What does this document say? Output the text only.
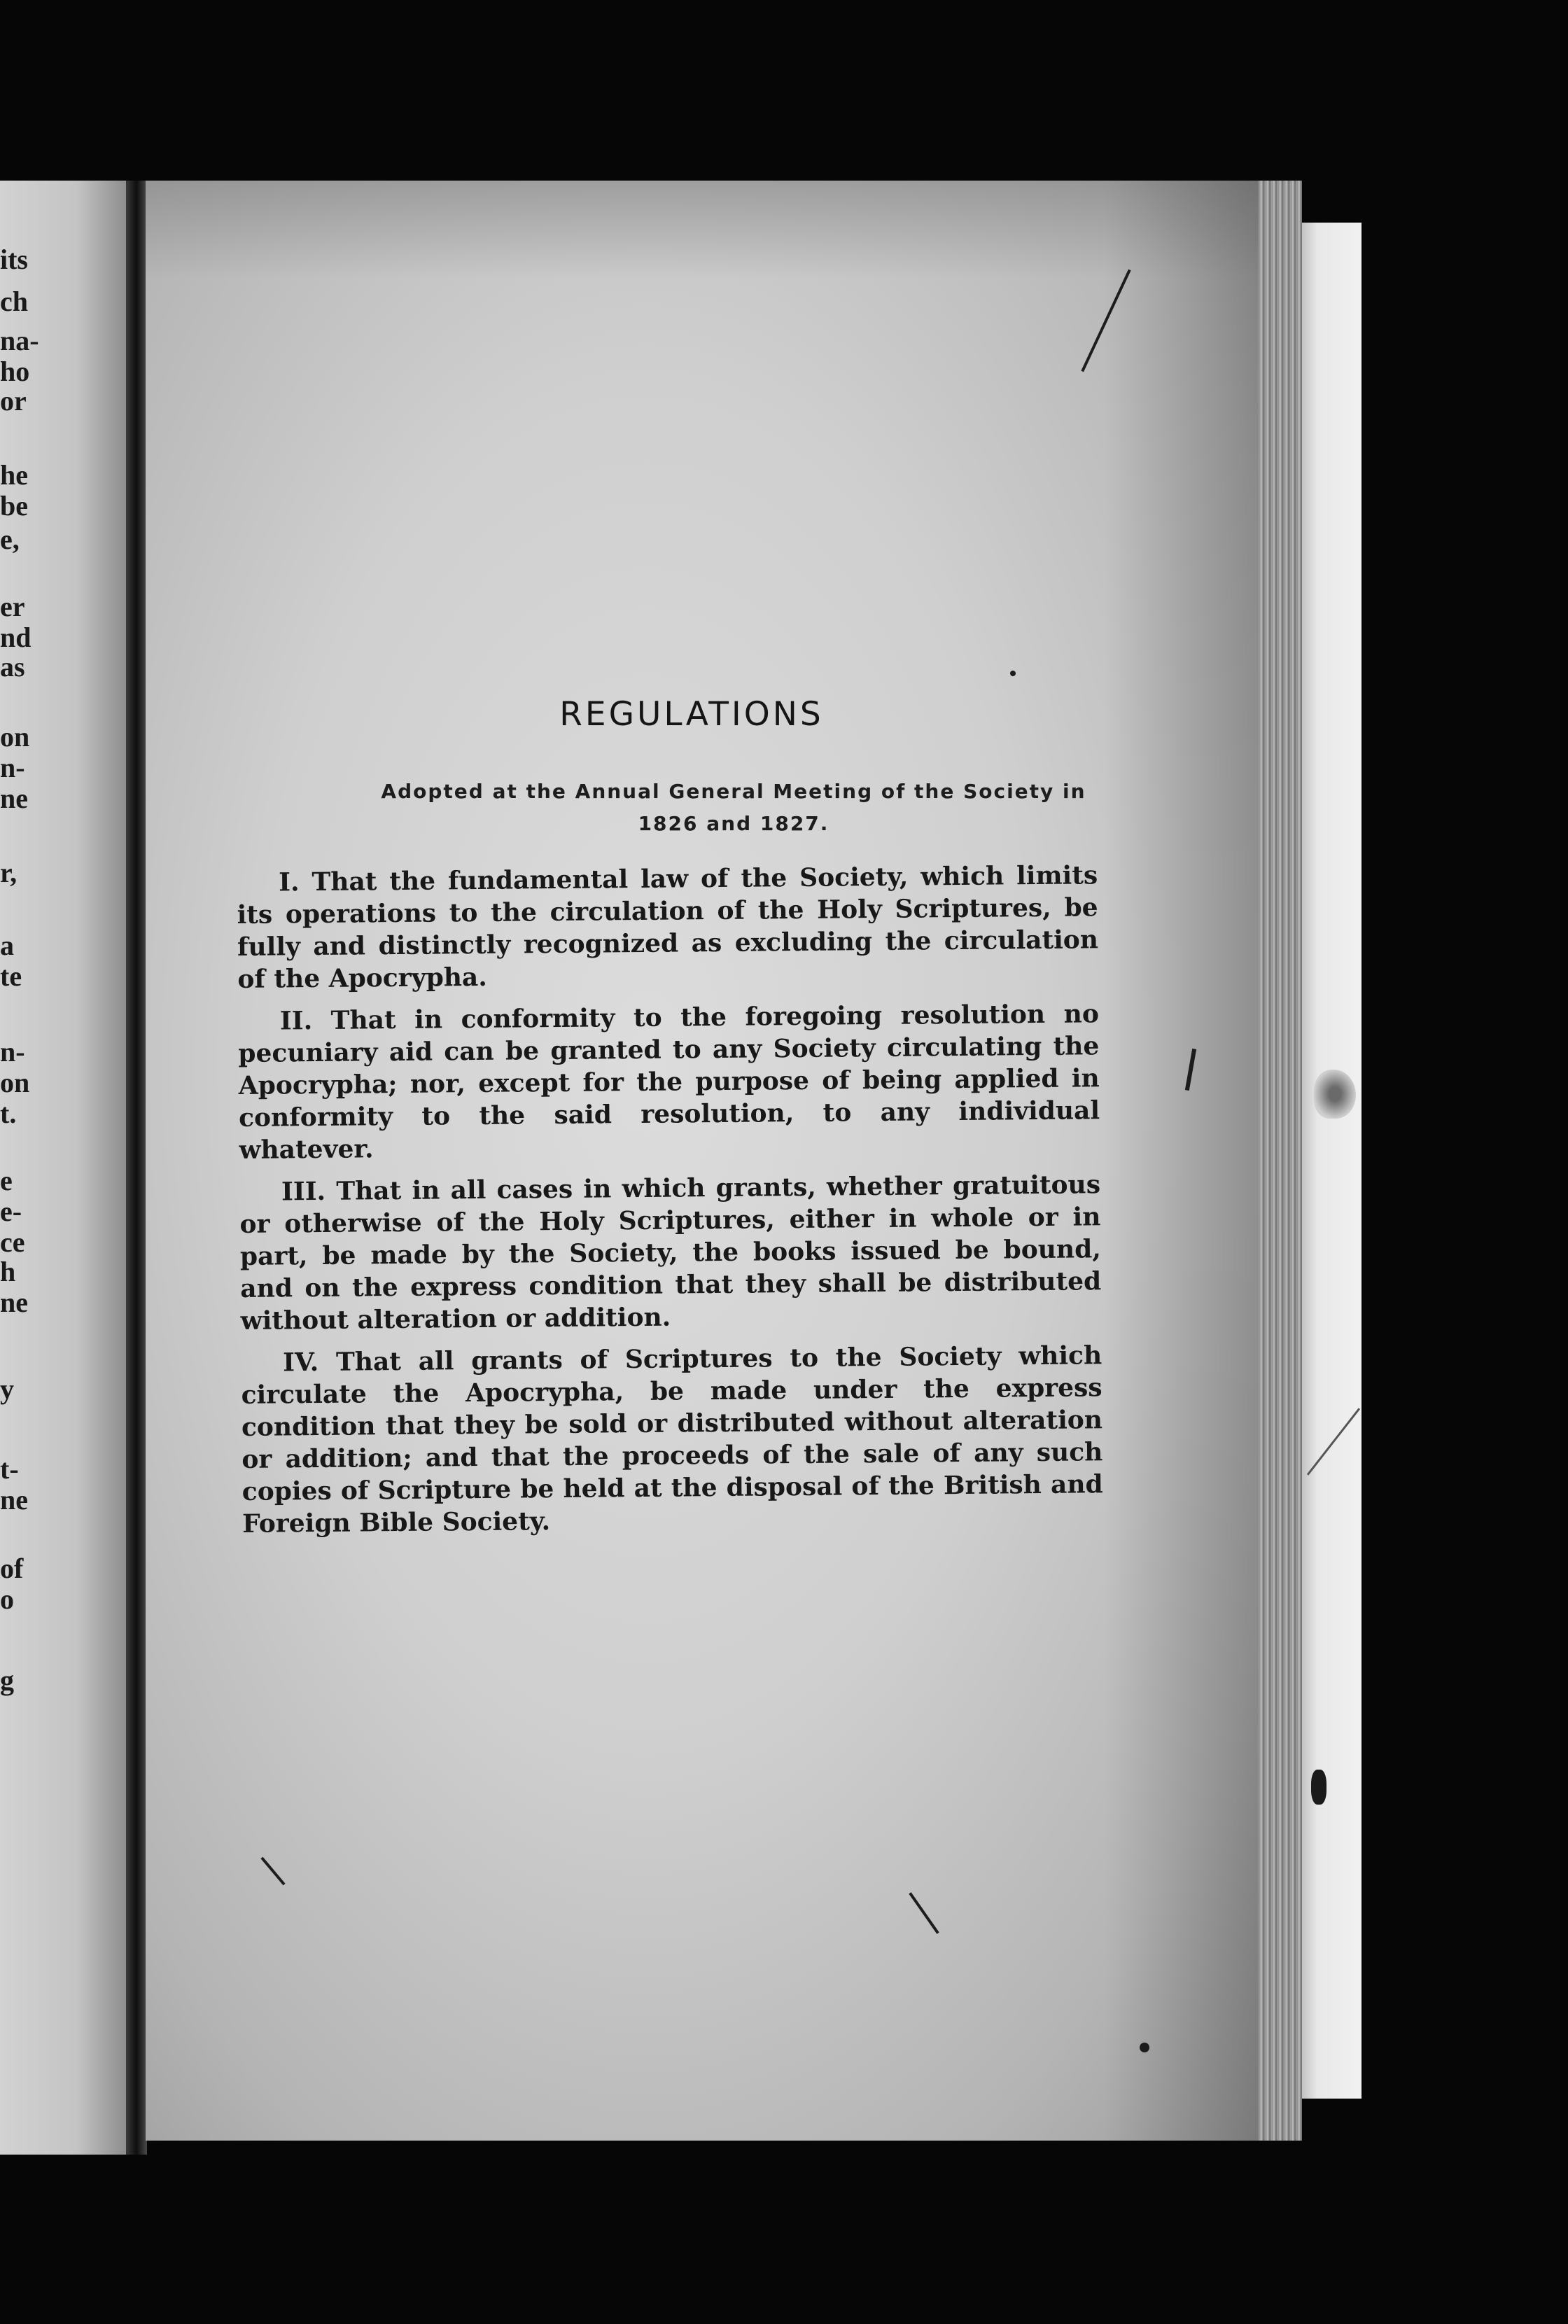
its
ch
na-
ho
or
he
be
e,
er
nd
as
on
n-
ne
r,
a
te
n-
on
t.
e
e-
ce
h
ne
y
t-
ne
of
o
g
REGULATIONS
Adopted at the Annual General Meeting of the Society in
1826 and 1827.

I. That the fundamental law of the Society, which limits its operations to the circulation of the Holy Scriptures, be fully and distinctly recognized as excluding the circulation of the Apocrypha.

II. That in conformity to the foregoing resolution no pecuniary aid can be granted to any Society circulating the Apocrypha; nor, except for the purpose of being applied in conformity to the said resolution, to any individual whatever.

III. That in all cases in which grants, whether gratuitous or otherwise of the Holy Scriptures, either in whole or in part, be made by the Society, the books issued be bound, and on the express condition that they shall be distributed without alteration or addition.

IV. That all grants of Scriptures to the Society which circulate the Apocrypha, be made under the express condition that they be sold or distributed without alteration or addition; and that the proceeds of the sale of any such copies of Scripture be held at the disposal of the British and Foreign Bible Society.
